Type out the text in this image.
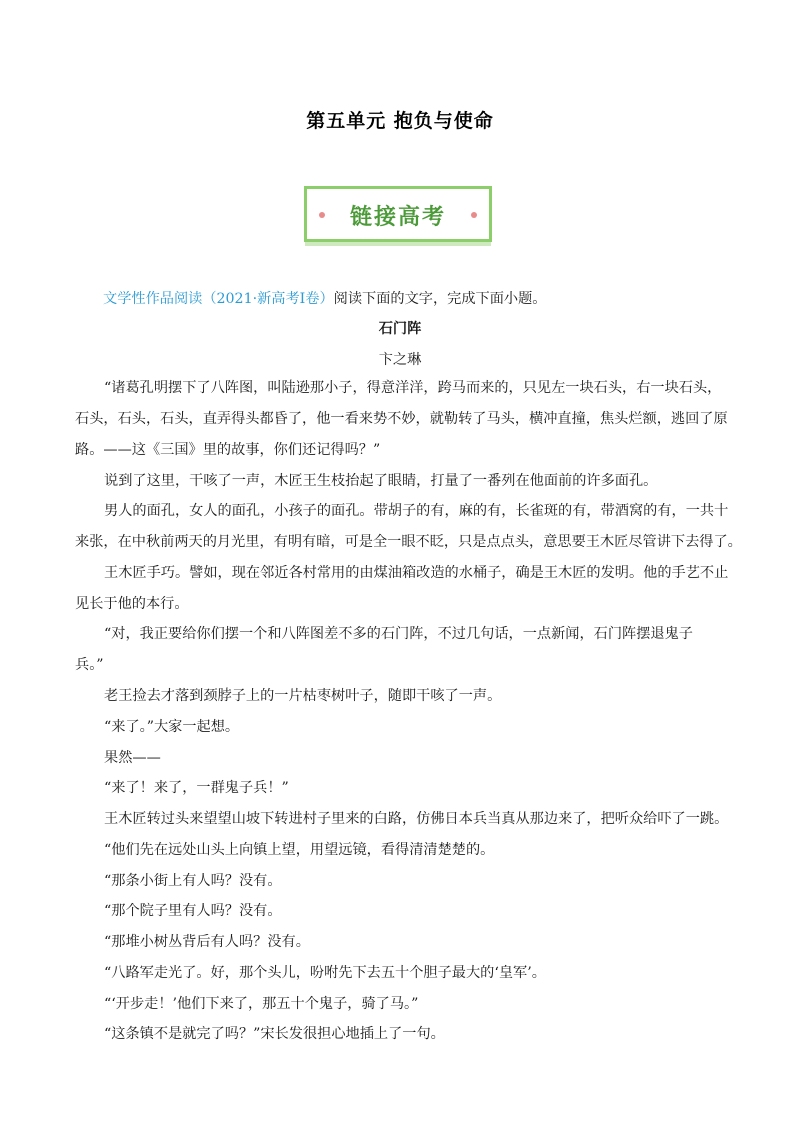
第五单元 抱负与使命
链接高考
文学性作品阅读（2021·新高考Ⅰ卷）阅读下面的文字，完成下面小题。
石门阵
卞之琳
“诸葛孔明摆下了八阵图，叫陆逊那小子，得意洋洋，跨马而来的，只见左一块石头，右一块石头，
石头，石头，石头，直弄得头都昏了，他一看来势不妙，就勒转了马头，横冲直撞，焦头烂额，逃回了原
路。——这《三国》里的故事，你们还记得吗？”
说到了这里，干咳了一声，木匠王生枝抬起了眼睛，打量了一番列在他面前的许多面孔。
男人的面孔，女人的面孔，小孩子的面孔。带胡子的有，麻的有，长雀斑的有，带酒窝的有，一共十
来张，在中秋前两天的月光里，有明有暗，可是全一眼不眨，只是点点头，意思要王木匠尽管讲下去得了。
王木匠手巧。譬如，现在邻近各村常用的由煤油箱改造的水桶子，确是王木匠的发明。他的手艺不止
见长于他的本行。
“对，我正要给你们摆一个和八阵图差不多的石门阵，不过几句话，一点新闻，石门阵摆退鬼子
兵。”
老王捡去才落到颈脖子上的一片枯枣树叶子，随即干咳了一声。
“来了。”大家一起想。
果然——
“来了！来了，一群鬼子兵！”
王木匠转过头来望望山坡下转进村子里来的白路，仿佛日本兵当真从那边来了，把听众给吓了一跳。
“他们先在远处山头上向镇上望，用望远镜，看得清清楚楚的。
“那条小街上有人吗？没有。
“那个院子里有人吗？没有。
“那堆小树丛背后有人吗？没有。
“八路军走光了。好，那个头儿，吩咐先下去五十个胆子最大的‘皇军’。
“‘开步走！’他们下来了，那五十个鬼子，骑了马。”
“这条镇不是就完了吗？”宋长发很担心地插上了一句。
